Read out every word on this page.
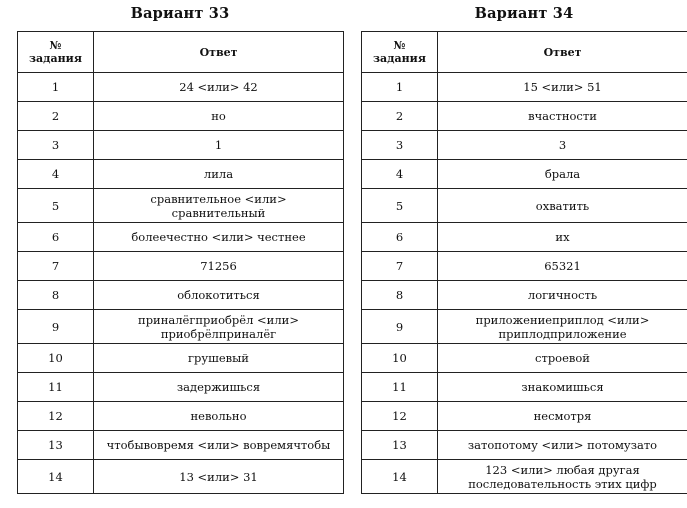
Вариант 33
№
задания	Ответ
1	24 <или> 42
2	но
3	1
4	лила
5	сравнительное <или>
сравнительный
6	болеечестно <или> честнее
7	71256
8	облокотиться
9	приналёгприобрёл <или>
приобрёлприналёг
10	грушевый
11	задержишься
12	невольно
13	чтобывовремя <или> вовремячтобы
14	13 <или> 31
Вариант 34
№
задания	Ответ
1	15 <или> 51
2	вчастности
3	3
4	брала
5	охватить
6	их
7	65321
8	логичность
9	приложениеприплод <или>
приплодприложение
10	строевой
11	знакомишься
12	несмотря
13	затопотому <или> потомузато
14	123 <или> любая другая
последовательность этих цифр
